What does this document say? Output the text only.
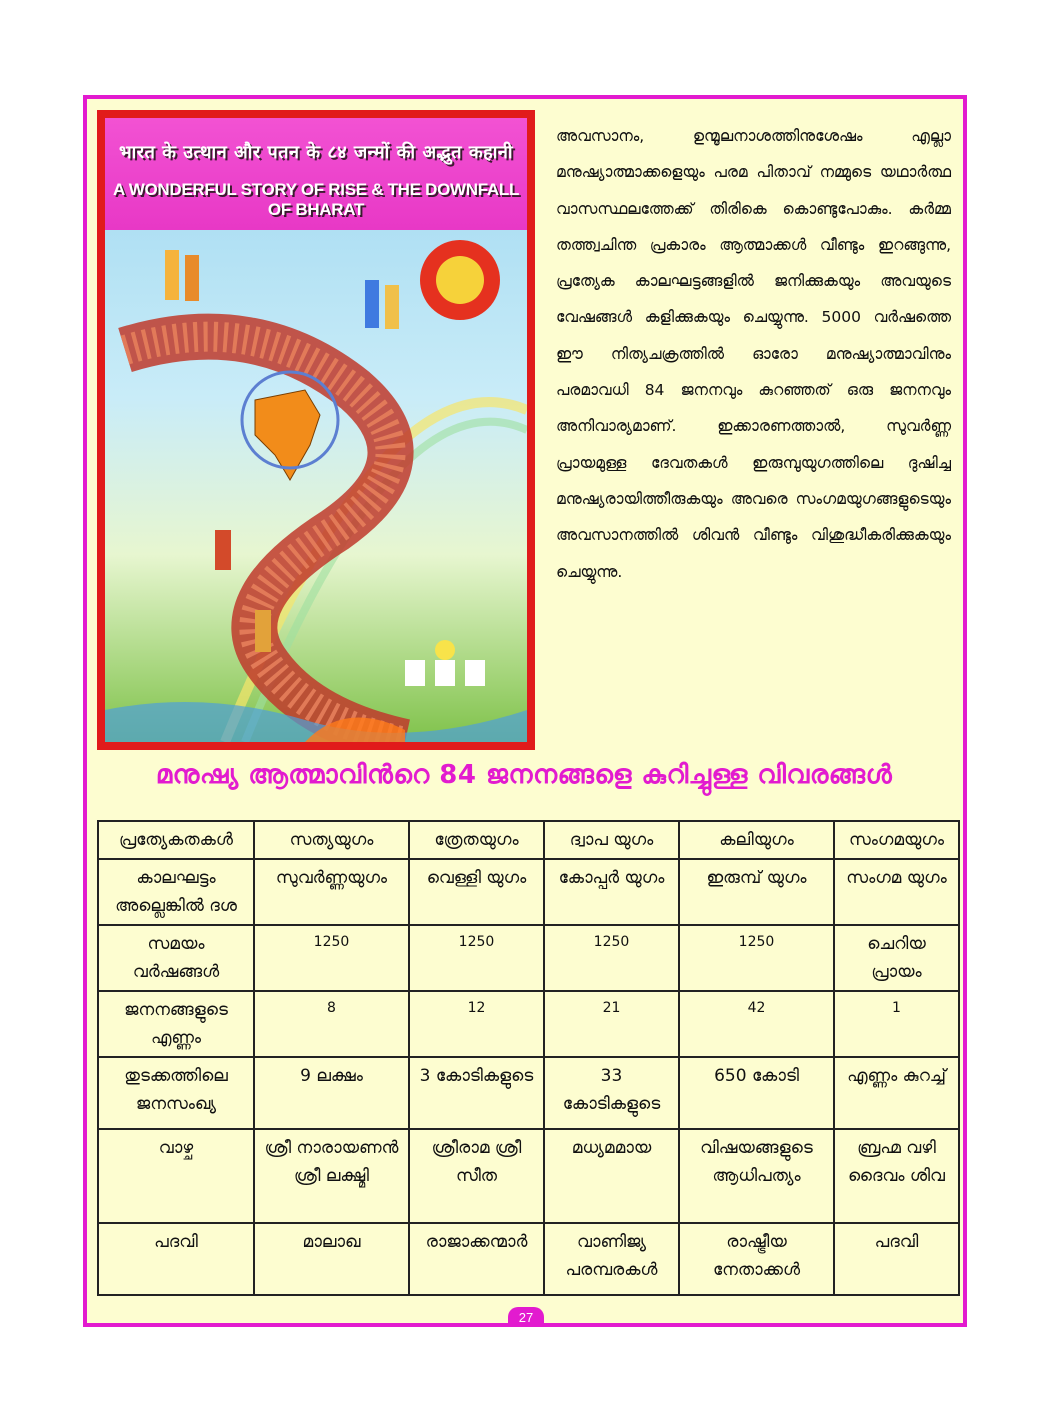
भारत के उत्थान और पतन के ८४ जन्मों की अद्भुत कहानी
A WONDERFUL STORY OF RISE & THE DOWNFALL OF BHARAT

അവസാനം, ഉന്മൂലനാശത്തിനുശേഷം എല്ലാ മനുഷ്യാത്മാക്കളെയും പരമ പിതാവ് നമ്മുടെ യഥാർത്ഥ വാസസ്ഥലത്തേക്ക് തിരികെ കൊണ്ടുപോകും. കർമ്മ തത്ത്വചിന്ത പ്രകാരം ആത്മാക്കൾ വീണ്ടും ഇറങ്ങുന്നു, പ്രത്യേക കാലഘട്ടങ്ങളിൽ ജനിക്കുകയും അവയുടെ വേഷങ്ങൾ കളിക്കുകയും ചെയ്യുന്നു. 5000 വർഷത്തെ ഈ നിത്യചക്രത്തിൽ ഓരോ മനുഷ്യാത്മാവിനും പരമാവധി 84 ജനനവും കുറഞ്ഞത് ഒരു ജനനവും അനിവാര്യമാണ്. ഇക്കാരണത്താൽ, സുവർണ്ണ പ്രായമുള്ള ദേവതകൾ ഇരുമ്പുയുഗത്തിലെ ദുഷിച്ച മനുഷ്യരായിത്തീരുകയും അവരെ സംഗമയുഗങ്ങളുടെയും അവസാനത്തിൽ ശിവൻ വീണ്ടും വിശുദ്ധീകരിക്കുകയും ചെയ്യുന്നു.

മനുഷ്യ ആത്മാവിൻറെ 84 ജനനങ്ങളെ കുറിച്ചുള്ള വിവരങ്ങൾ
പ്രത്യേകതകൾ	സത്യയുഗം	ത്രേതയുഗം	ദ്വാപ യുഗം	കലിയുഗം	സംഗമയുഗം
കാലഘട്ടം അല്ലെങ്കിൽ ദശ	സുവർണ്ണയുഗം	വെള്ളി യുഗം	കോപ്പർ യുഗം	ഇരുമ്പ് യുഗം	സംഗമ യുഗം
സമയം വർഷങ്ങൾ	1250	1250	1250	1250	ചെറിയ പ്രായം
ജനനങ്ങളുടെ എണ്ണം	8	12	21	42	1
തുടക്കത്തിലെ ജനസംഖ്യ	9 ലക്ഷം	3 കോടികളുടെ	33 കോടികളുടെ	650 കോടി	എണ്ണം കുറച്ച്
വാഴ്ച	ശ്രീ നാരായണൻ ശ്രീ ലക്ഷ്മി	ശ്രീരാമ ശ്രീ സീത	മധ്യമമായ	വിഷയങ്ങളുടെ ആധിപത്യം	ബ്രഹ്മ വഴി ദൈവം ശിവ
പദവി	മാലാഖ	രാജാക്കന്മാർ	വാണിജ്യ പരമ്പരകൾ	രാഷ്ട്രീയ നേതാക്കൾ	പദവി
27
